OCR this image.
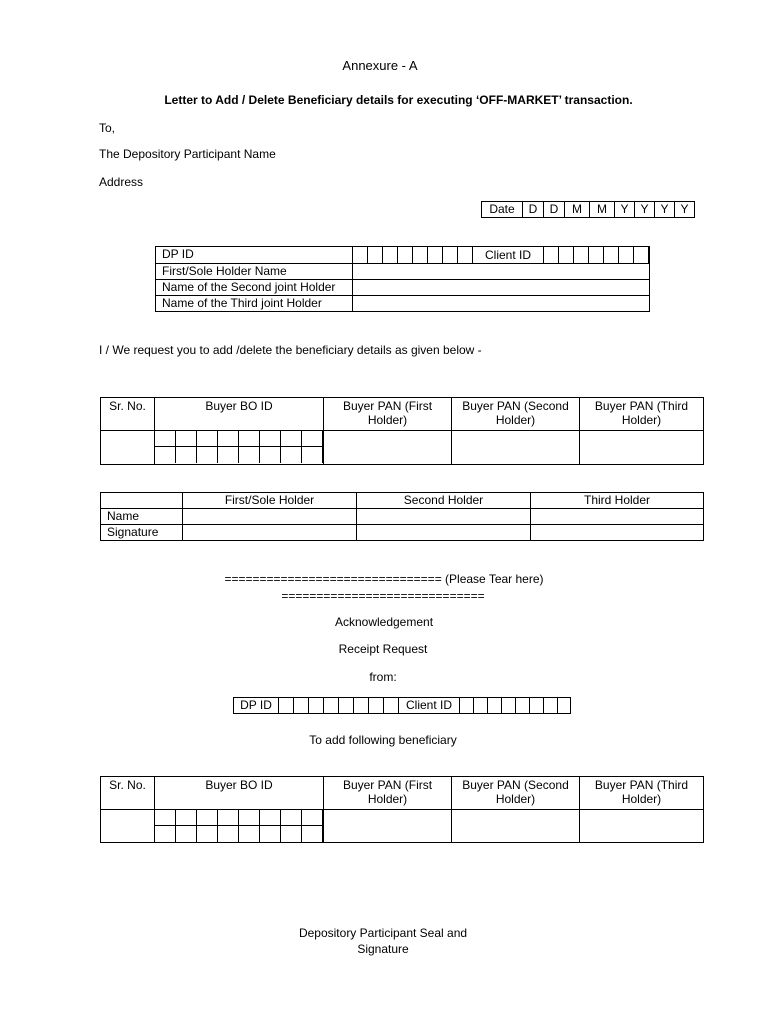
Annexure - A
Letter to Add / Delete Beneficiary details for executing ‘OFF-MARKET’ transaction.
To,
The Depository Participant Name
Address
Date	D	D	M	M	Y	Y	Y	Y
DP ID	Client ID

First/Sole Holder Name	
Name of the Second joint Holder	
Name of the Third joint Holder	
I / We request you to add /delete the beneficiary details as given below -
Sr. No.	Buyer BO ID	Buyer PAN (First Holder)	Buyer PAN (Second Holder)	Buyer PAN (Third Holder)

	First/Sole Holder	Second Holder	Third Holder
Name			
Signature			
=============================== (Please Tear here)
=============================
Acknowledgement
Receipt Request
from:
DP ID									Client ID								
To add following beneficiary
Sr. No.	Buyer BO ID	Buyer PAN (First Holder)	Buyer PAN (Second Holder)	Buyer PAN (Third Holder)

Depository Participant Seal and
Signature
